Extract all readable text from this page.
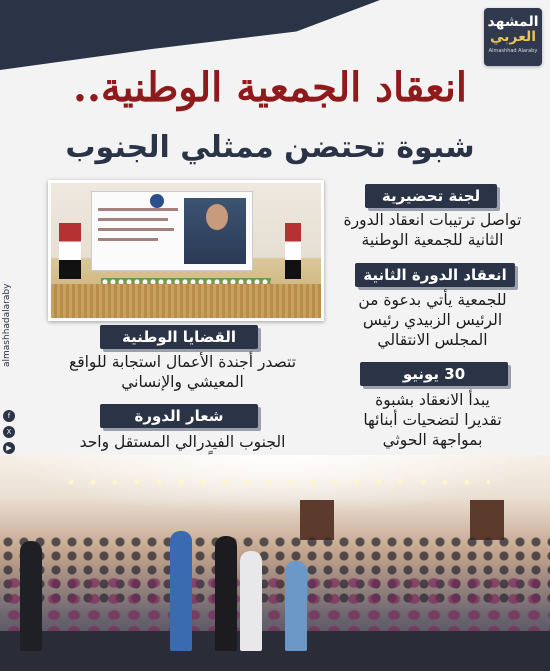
المشهد
العربي
Almashhad Alaraby
انعقاد الجمعية الوطنية..
شبوة تحتضن ممثلي الجنوب
لجنة تحضيرية
تواصل ترتيبات انعقاد الدورة
الثانية للجمعية الوطنية
انعقاد الدورة الثانية
للجمعية يأتي بدعوة من
الرئيس الزبيدي رئيس
المجلس الانتقالي
30 يونيو
يبدأ الانعقاد بشبوة
تقديرا لتضحيات أبنائها
بمواجهة الحوثي
القضايا الوطنية
تتصدر أجندة الأعمال استجابة للواقع
المعيشي والإنساني
شعار الدورة
الجنوب الفيدرالي المستقل واحد
almashhadalaraby
f
X
▶
